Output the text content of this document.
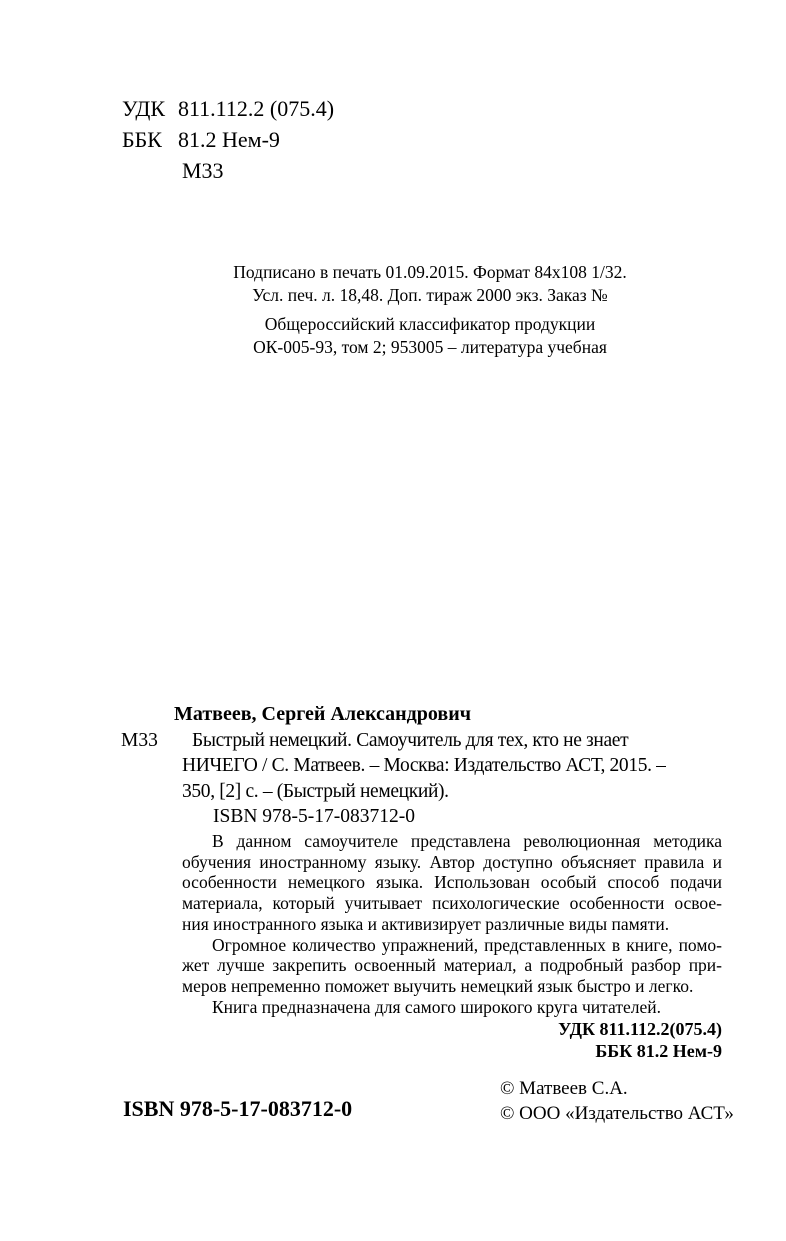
УДК 811.112.2 (075.4)
ББК 81.2 Нем-9
М33
Подписано в печать 01.09.2015. Формат 84х108 1/32.
Усл. печ. л. 18,48. Доп. тираж 2000 экз. Заказ №
Общероссийский классификатор продукции
ОК-005-93, том 2; 953005 – литература учебная
Матвеев, Сергей Александрович
М33	Быстрый немецкий. Самоучитель для тех, кто не знает
НИЧЕГО / С. Матвеев. – Москва: Издательство АСТ, 2015. –
350, [2] с. – (Быстрый немецкий).
ISBN 978-5-17-083712-0
В данном самоучителе представлена революционная методика
обучения иностранному языку. Автор доступно объясняет правила и
особенности немецкого языка. Использован особый способ подачи
материала, который учитывает психологические особенности освое-
ния иностранного языка и активизирует различные виды памяти.
Огромное количество упражнений, представленных в книге, помо-
жет лучше закрепить освоенный материал, а подробный разбор при-
меров непременно поможет выучить немецкий язык быстро и легко.
Книга предназначена для самого широкого круга читателей.
УДК 811.112.2(075.4)
ББК 81.2 Нем-9
ISBN 978-5-17-083712-0
© Матвеев С.А.
© ООО «Издательство АСТ»
